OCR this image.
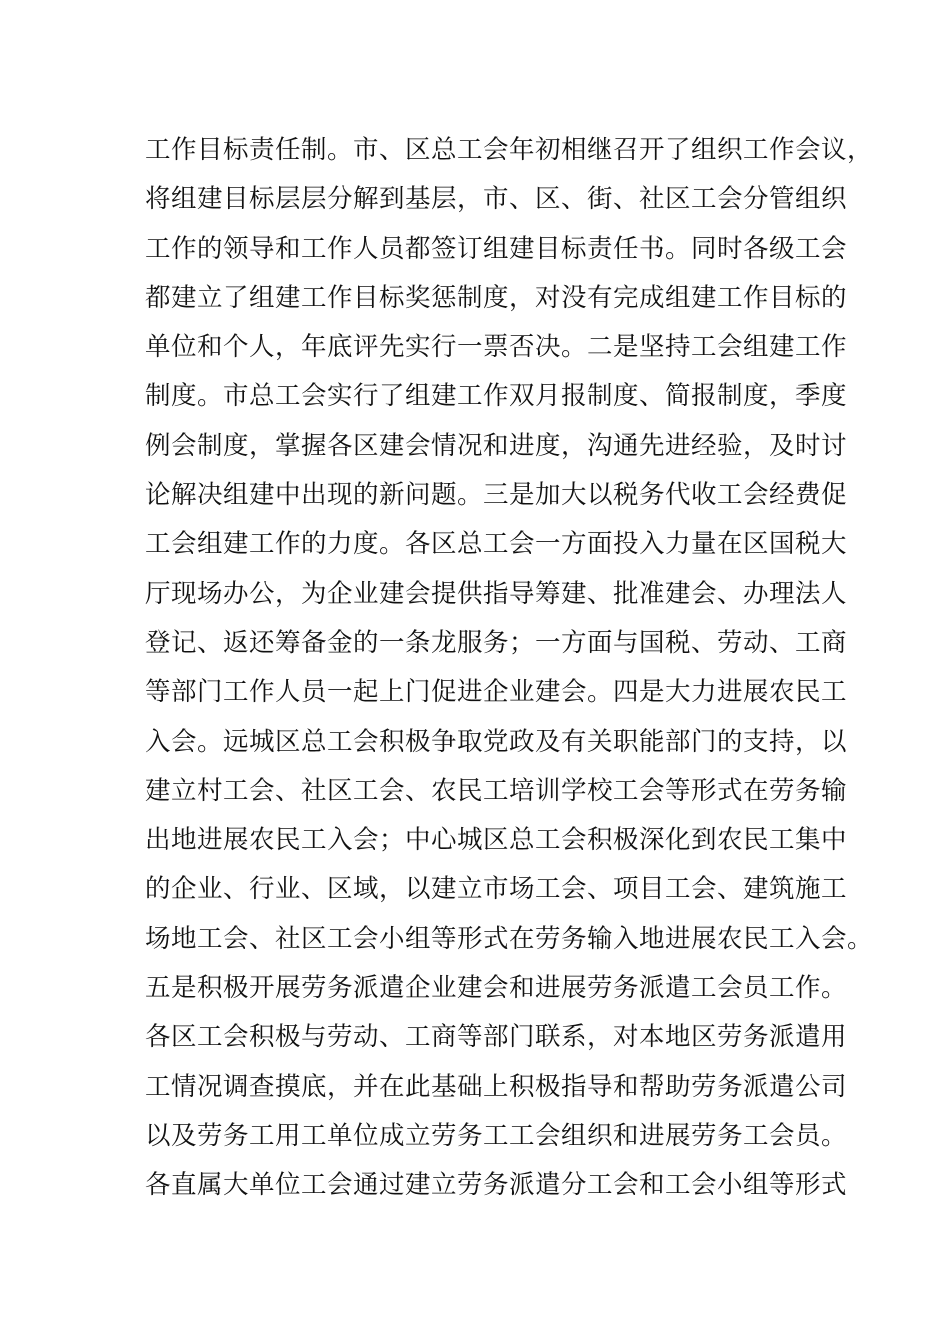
工作目标责任制。市、区总工会年初相继召开了组织工作会议，
将组建目标层层分解到基层，市、区、街、社区工会分管组织
工作的领导和工作人员都签订组建目标责任书。同时各级工会
都建立了组建工作目标奖惩制度，对没有完成组建工作目标的
单位和个人，年底评先实行一票否决。二是坚持工会组建工作
制度。市总工会实行了组建工作双月报制度、简报制度，季度
例会制度，掌握各区建会情况和进度，沟通先进经验，及时讨
论解决组建中出现的新问题。三是加大以税务代收工会经费促
工会组建工作的力度。各区总工会一方面投入力量在区国税大
厅现场办公，为企业建会提供指导筹建、批准建会、办理法人
登记、返还筹备金的一条龙服务；一方面与国税、劳动、工商
等部门工作人员一起上门促进企业建会。四是大力进展农民工
入会。远城区总工会积极争取党政及有关职能部门的支持，以
建立村工会、社区工会、农民工培训学校工会等形式在劳务输
出地进展农民工入会；中心城区总工会积极深化到农民工集中
的企业、行业、区域，以建立市场工会、项目工会、建筑施工
场地工会、社区工会小组等形式在劳务输入地进展农民工入会。
五是积极开展劳务派遣企业建会和进展劳务派遣工会员工作。
各区工会积极与劳动、工商等部门联系，对本地区劳务派遣用
工情况调查摸底，并在此基础上积极指导和帮助劳务派遣公司
以及劳务工用工单位成立劳务工工会组织和进展劳务工会员。
各直属大单位工会通过建立劳务派遣分工会和工会小组等形式
